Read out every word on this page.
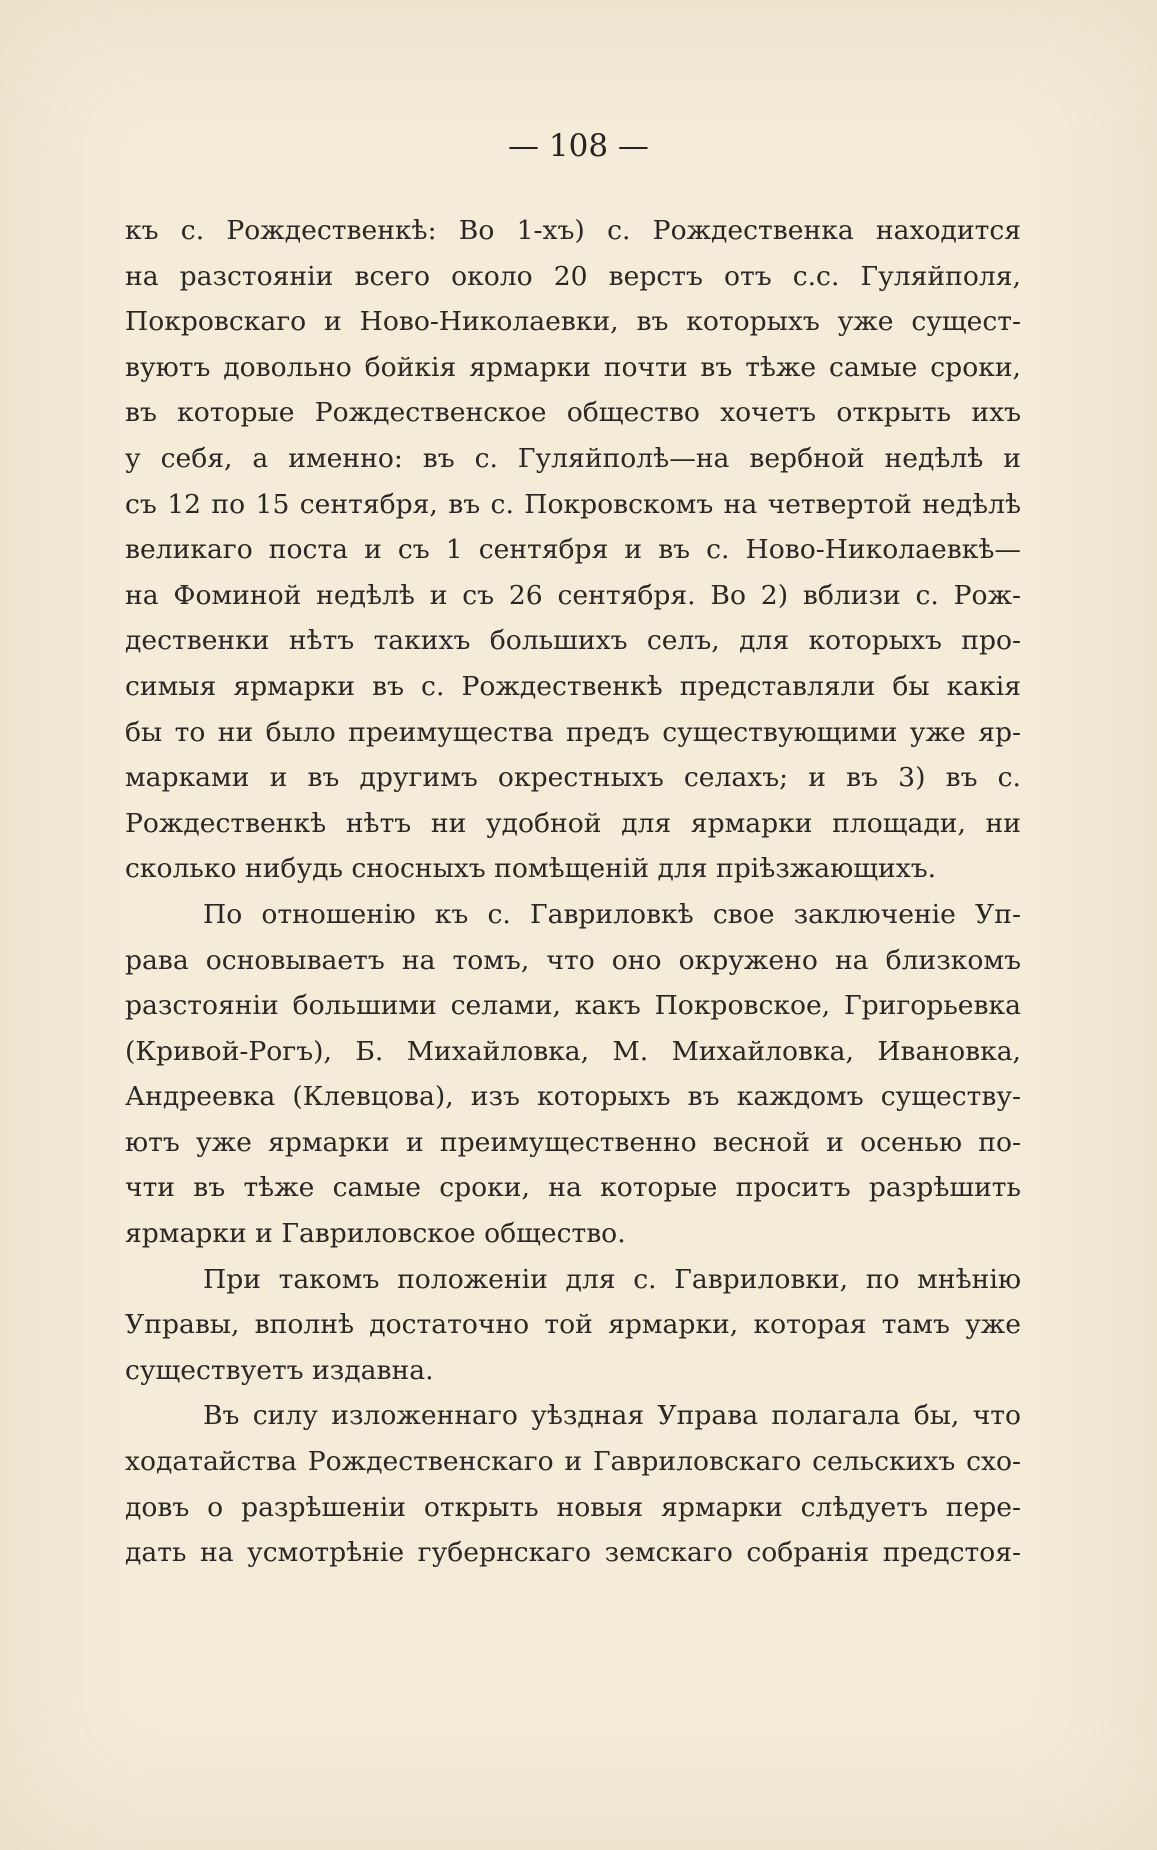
— 108 —
къ с. Рождественкѣ: Во 1-хъ) с. Рождественка находится
на разстояніи всего около 20 верстъ отъ с.с. Гуляйполя,
Покровскаго и Ново-Николаевки, въ которыхъ уже сущест-
вуютъ довольно бойкія ярмарки почти въ тѣже самые сроки,
въ которые Рождественское общество хочетъ открыть ихъ
у себя, а именно: въ с. Гуляйполѣ—на вербной недѣлѣ и
съ 12 по 15 сентября, въ с. Покровскомъ на четвертой недѣлѣ
великаго поста и съ 1 сентября и въ с. Ново-Николаевкѣ—
на Фоминой недѣлѣ и съ 26 сентября. Во 2) вблизи с. Рож-
дественки нѣтъ такихъ большихъ селъ, для которыхъ про-
симыя ярмарки въ с. Рождественкѣ представляли бы какія
бы то ни было преимущества предъ существующими уже яр-
марками и въ другимъ окрестныхъ селахъ; и въ 3) въ с.
Рождественкѣ нѣтъ ни удобной для ярмарки площади, ни
сколько нибудь сносныхъ помѣщеній для пріѣзжающихъ.
По отношенію къ с. Гавриловкѣ свое заключеніе Уп-
рава основываетъ на томъ, что оно окружено на близкомъ
разстояніи большими селами, какъ Покровское, Григорьевка
(Кривой-Рогъ), Б. Михайловка, М. Михайловка, Ивановка,
Андреевка (Клевцова), изъ которыхъ въ каждомъ существу-
ютъ уже ярмарки и преимущественно весной и осенью по-
чти въ тѣже самые сроки, на которые проситъ разрѣшить
ярмарки и Гавриловское общество.
При такомъ положеніи для с. Гавриловки, по мнѣнію
Управы, вполнѣ достаточно той ярмарки, которая тамъ уже
существуетъ издавна.
Въ силу изложеннаго уѣздная Управа полагала бы, что
ходатайства Рождественскаго и Гавриловскаго сельскихъ схо-
довъ о разрѣшеніи открыть новыя ярмарки слѣдуетъ пере-
дать на усмотрѣніе губернскаго земскаго собранія предстоя-
